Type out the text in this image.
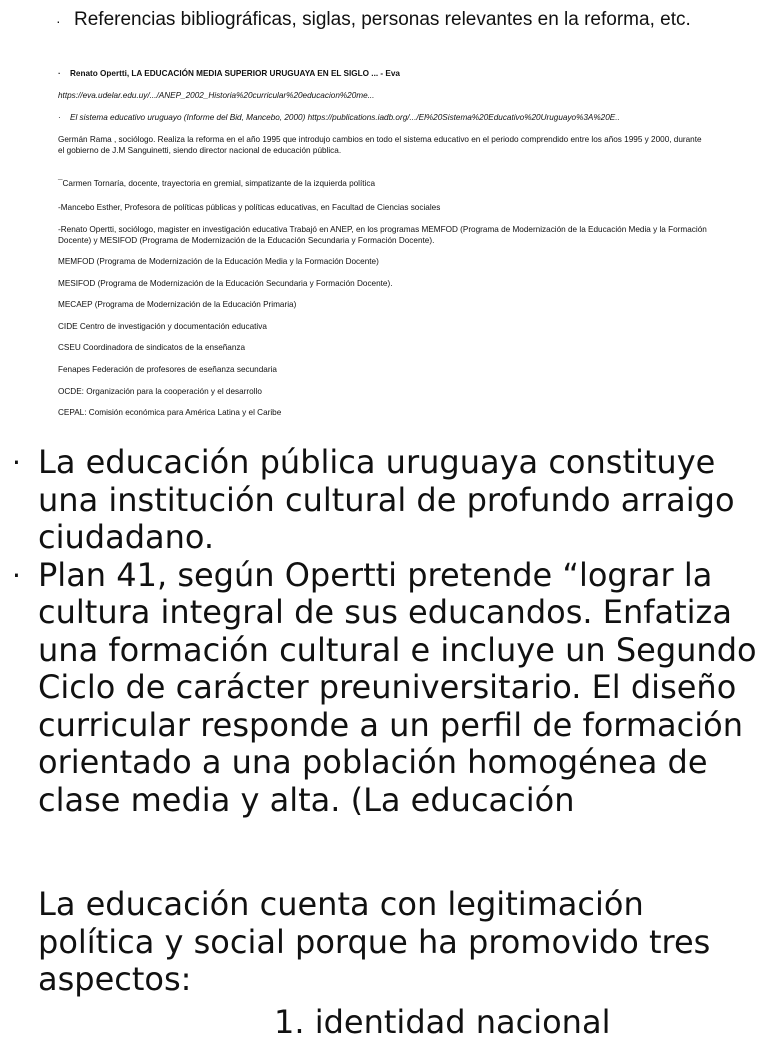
· Referencias bibliográficas, siglas, personas relevantes en la reforma, etc.
· Renato Opertti, LA EDUCACIÓN MEDIA SUPERIOR URUGUAYA EN EL SIGLO ... - Eva
https://eva.udelar.edu.uy/.../ANEP_2002_Historia%20curricular%20educacion%20me...
· El sistema educativo uruguayo (Informe del Bid, Mancebo, 2000) https://publications.iadb.org/.../El%20Sistema%20Educativo%20Uruguayo%3A%20E..
Germán Rama , sociólogo. Realiza la reforma en el año 1995 que introdujo cambios en todo el sistema educativo en el periodo comprendido entre los años 1995 y 2000, durante el gobierno de J.M Sanguinetti, siendo director nacional de educación pública.
¯Carmen Tornaría, docente, trayectoria en gremial, simpatizante de la izquierda política
-Mancebo Esther, Profesora de políticas públicas y políticas educativas, en Facultad de Ciencias sociales
-Renato Opertti, sociólogo, magister en investigación educativa Trabajó en ANEP, en los programas MEMFOD (Programa de Modernización de la Educación Media y la Formación Docente) y MESIFOD (Programa de Modernización de la Educación Secundaria y Formación Docente).
MEMFOD (Programa de Modernización de la Educación Media y la Formación Docente)
MESIFOD (Programa de Modernización de la Educación Secundaria y Formación Docente).
MECAEP (Programa de Modernización de la Educación Primaria)
CIDE Centro de investigación y documentación educativa
CSEU Coordinadora de sindicatos de la enseñanza
Fenapes Federación de profesores de eseñanza secundaria
OCDE: Organización para la cooperación y el desarrollo
CEPAL: Comisión económica para América Latina y el Caribe
· La educación pública uruguaya constituye una institución cultural de profundo arraigo ciudadano.
· Plan 41, según Opertti pretende “lograr la cultura integral de sus educandos. Enfatiza una formación cultural e incluye un Segundo Ciclo de carácter preuniversitario. El diseño curricular responde a un perfil de formación orientado a una población homogénea de clase media y alta. (La educación
La educación cuenta con legitimación política y social porque ha promovido tres aspectos:
1. identidad nacional
